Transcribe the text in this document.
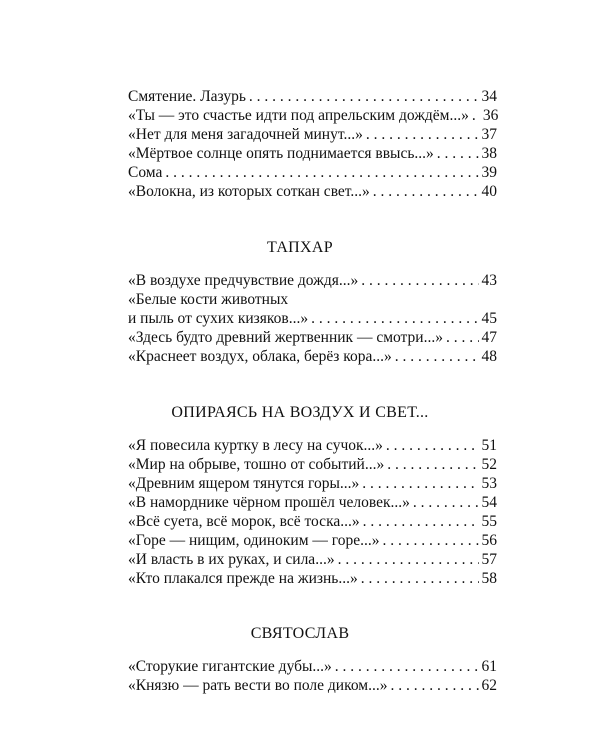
Смятение. Лазурь . . .	34
«Ты — это счастье идти под апрельским дождём...» . . . 36
«Нет для меня загадочней минут...» . . .	37
«Мёртвое солнце опять поднимается ввысь...» . . .	38
Сома . . .	39
«Волокна, из которых соткан свет...» . . .	40
ТАПХАР
«В воздухе предчувствие дождя...» . . .	43
«Белые кости животных
и пыль от сухих кизяков...» . . .	45
«Здесь будто древний жертвенник — смотри...» . . . 47
«Краснеет воздух, облака, берёз кора...» . . .	48
ОПИРАЯСЬ НА ВОЗДУХ И СВЕТ...
«Я повесила куртку в лесу на сучок...» . . .	51
«Мир на обрыве, тошно от событий...» . . .	52
«Древним ящером тянутся горы...» . . .	53
«В наморднике чёрном прошёл человек...» . . .	54
«Всё суета, всё морок, всё тоска...» . . .	55
«Горе — нищим, одиноким — горе...» . . .	56
«И власть в их руках, и сила...» . . .	57
«Кто плакался прежде на жизнь...» . . .	58
СВЯТОСЛАВ
«Сторукие гигантские дубы...» . . .	61
«Князю — рать вести во поле диком...» . . .	62
